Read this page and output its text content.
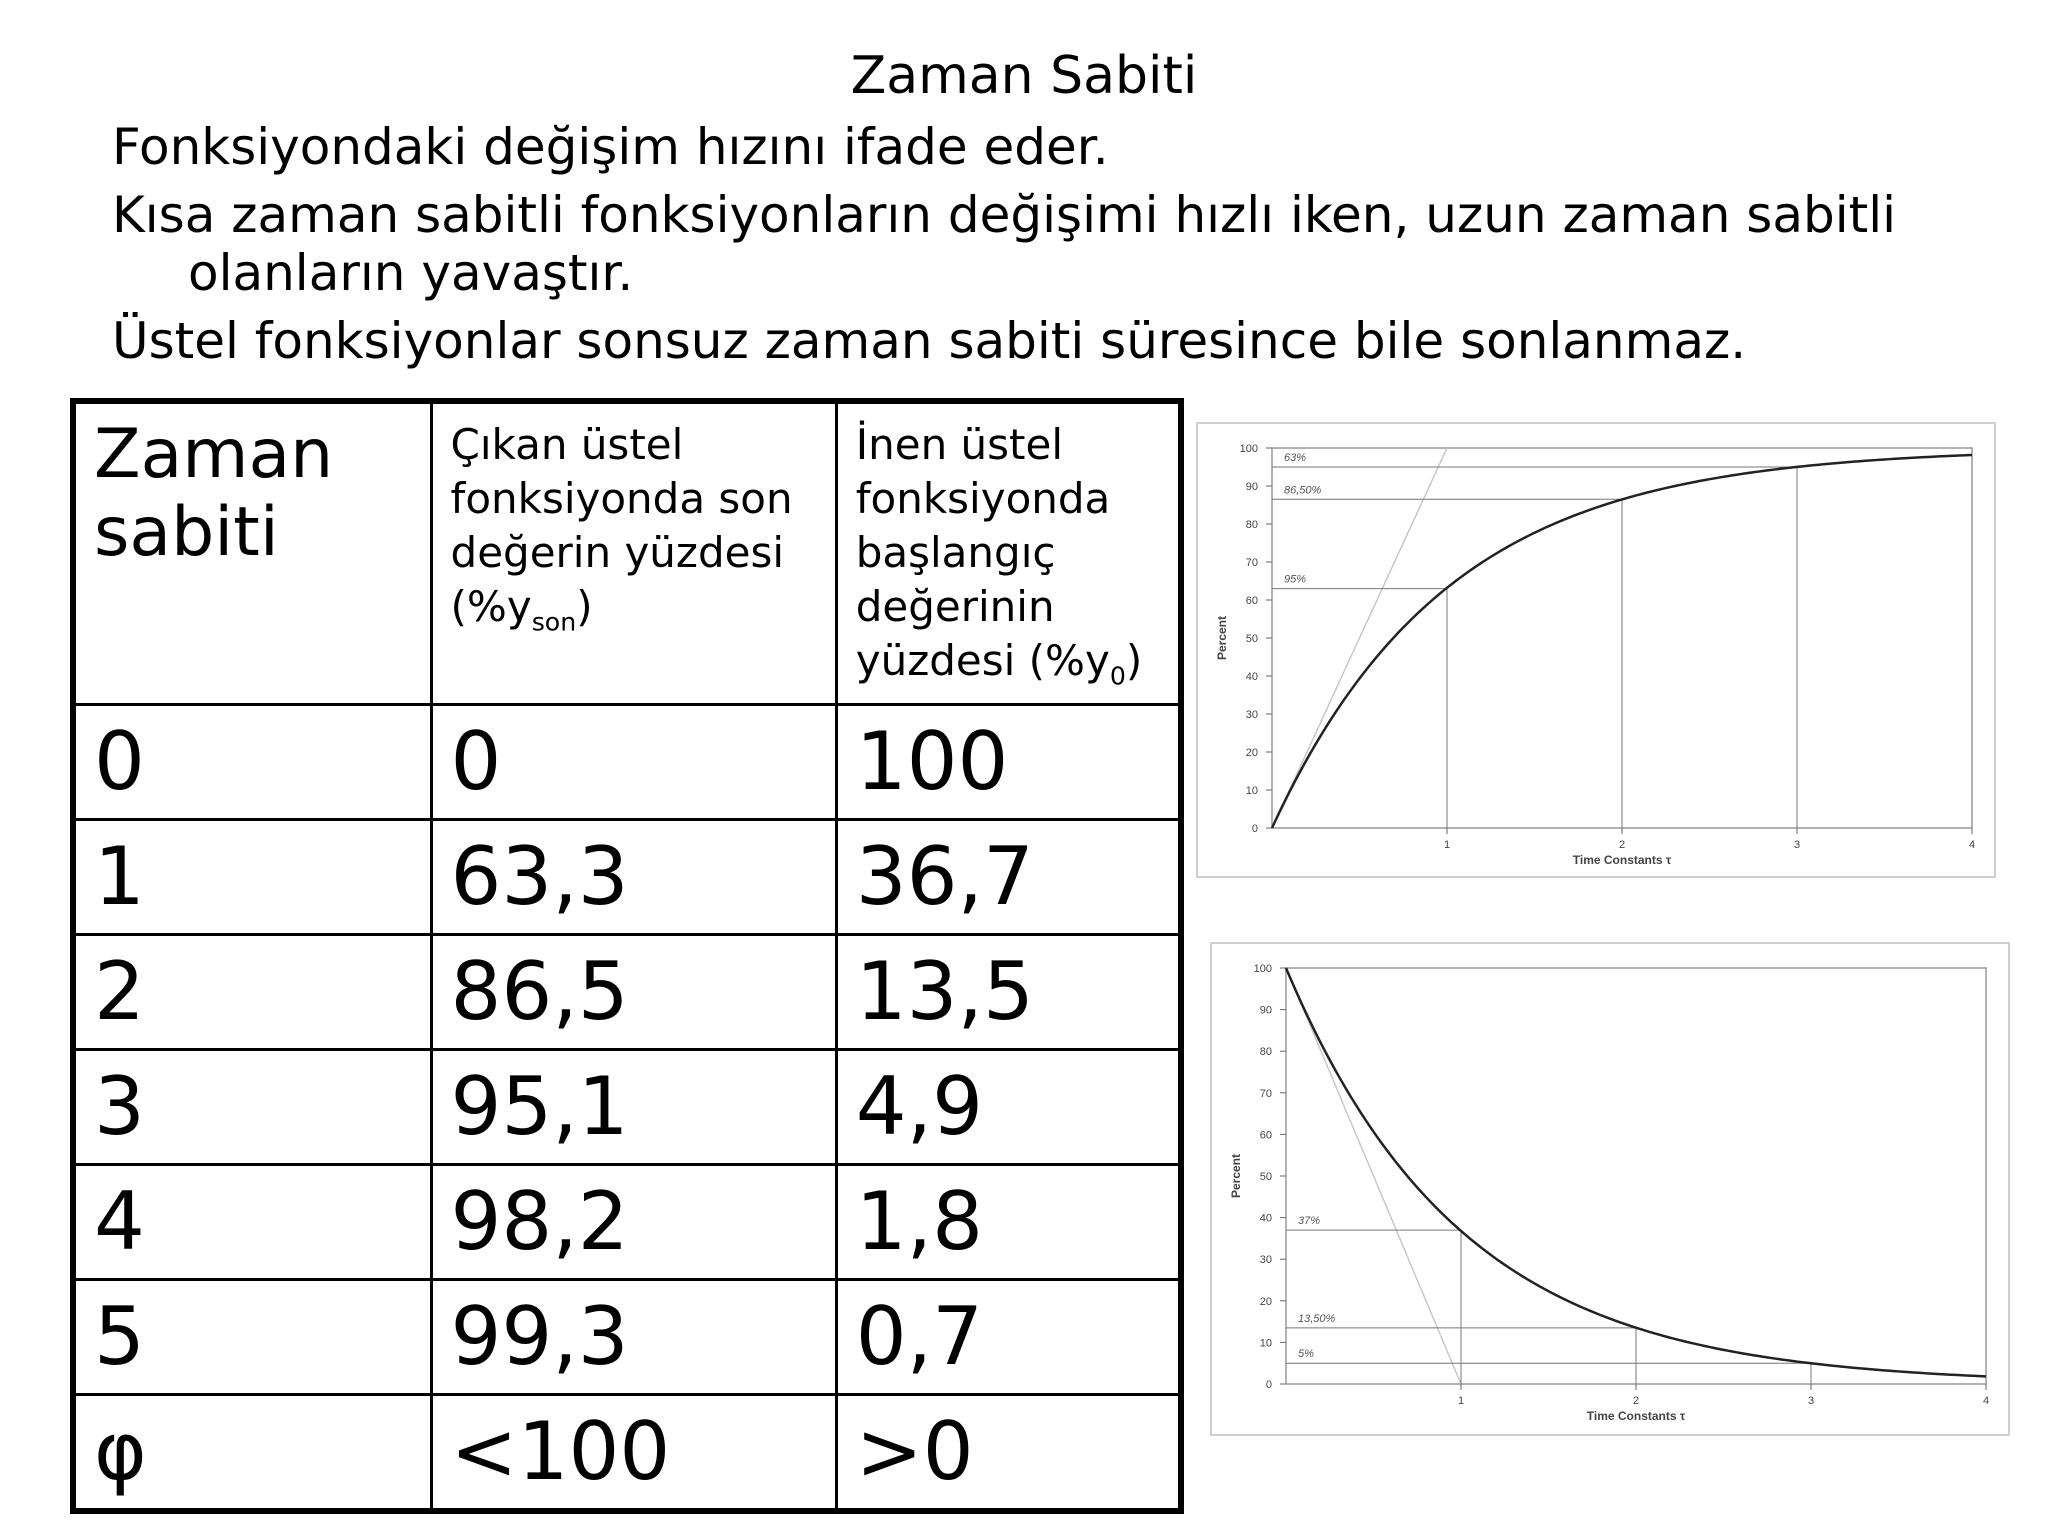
Zaman Sabiti
Fonksiyondaki değişim hızını ifade eder.
Kısa zaman sabitli fonksiyonların değişimi hızlı iken, uzun zaman sabitli
olanların yavaştır.
Üstel fonksiyonlar sonsuz zaman sabiti süresince bile sonlanmaz.
Zaman sabiti	Çıkan üstel fonksiyonda son değerin yüzdesi $(\%y_{son})$	İnen üstel fonksiyonda başlangıç değerinin yüzdesi $(\%y_0)$
0	0	100
1	63,3	36,7
2	86,5	13,5
3	95,1	4,9
4	98,2	1,8
5	99,3	0,7
φ	<100	>0
0
10
20
30
40
50
60
70
80
90
100
1	2	3	4
Time Constants τ
Percent
95%
86,50%
63%
0
10
20
30
40
50
60
70
80
90
100
1	2	3	4
Time Constants τ
Percent
37%
13,50%
5%
